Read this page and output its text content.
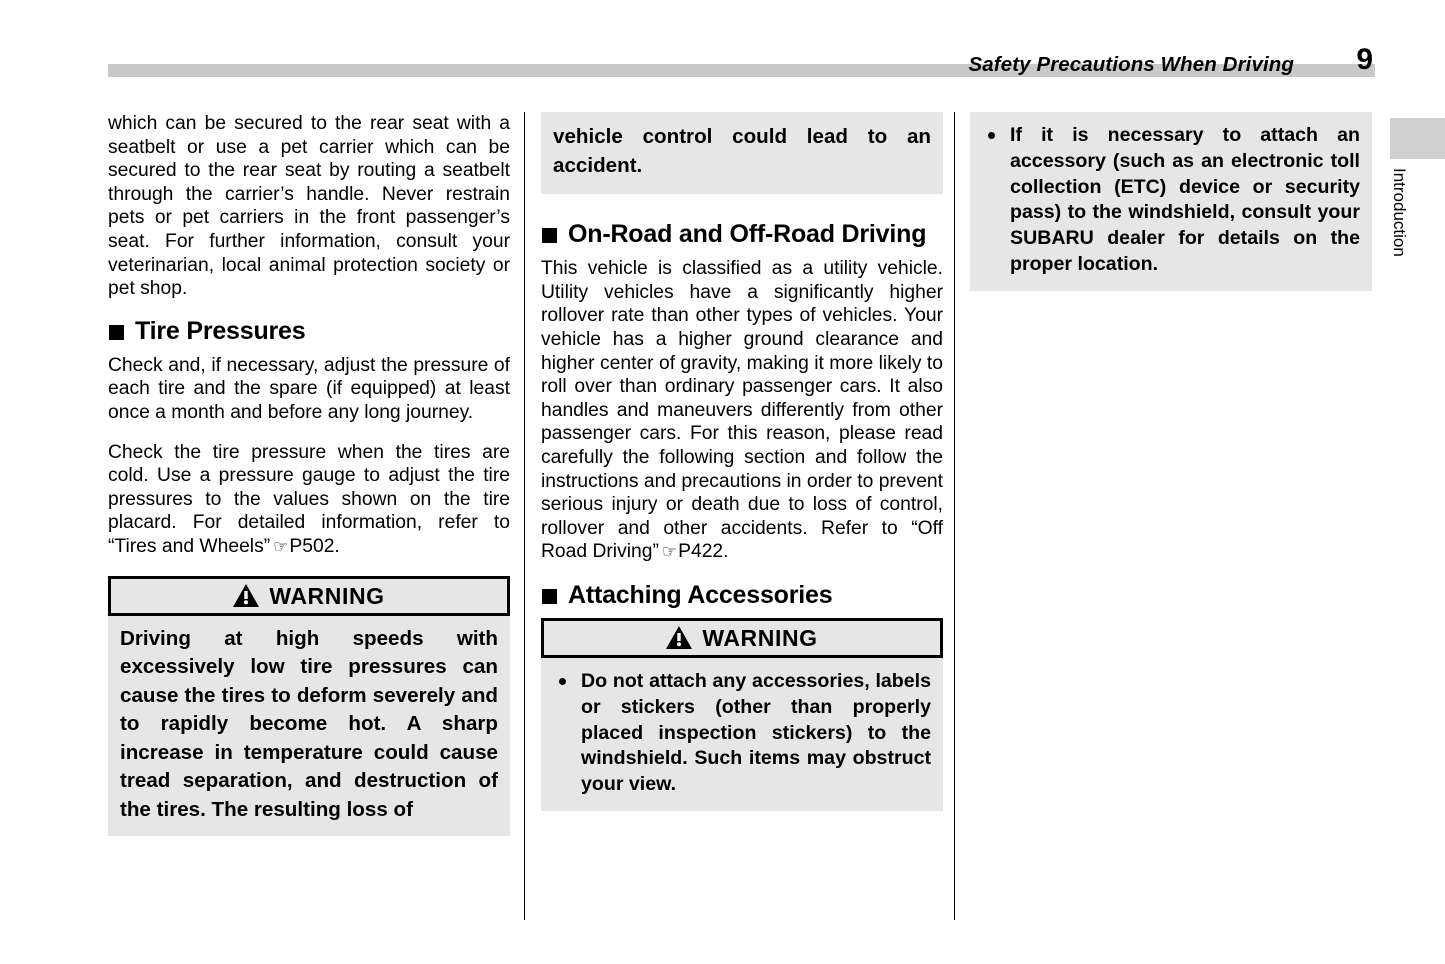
Safety Precautions When Driving 9
Introduction

which can be secured to the rear seat with a seatbelt or use a pet carrier which can be secured to the rear seat by routing a seatbelt through the carrier’s handle. Never restrain pets or pet carriers in the front passenger’s seat. For further information, consult your veterinarian, local animal protection society or pet shop.

Tire Pressures

Check and, if necessary, adjust the pressure of each tire and the spare (if equipped) at least once a month and before any long journey.

Check the tire pressure when the tires are cold. Use a pressure gauge to adjust the tire pressures to the values shown on the tire placard. For detailed information, refer to “Tires and Wheels” ☞P502.

WARNING
Driving at high speeds with excessively low tire pressures can cause the tires to deform severely and to rapidly become hot. A sharp increase in temperature could cause tread separation, and destruction of the tires. The resulting loss of
vehicle control could lead to an accident.
On-Road and Off-Road Driving

This vehicle is classified as a utility vehicle. Utility vehicles have a significantly higher rollover rate than other types of vehicles. Your vehicle has a higher ground clearance and higher center of gravity, making it more likely to roll over than ordinary passenger cars. It also handles and maneuvers differently from other passenger cars. For this reason, please read carefully the following section and follow the instructions and precautions in order to prevent serious injury or death due to loss of control, rollover and other accidents. Refer to “Off Road Driving” ☞P422.

Attaching Accessories
WARNING
Do not attach any accessories, labels or stickers (other than properly placed inspection stickers) to the windshield. Such items may obstruct your view.
If it is necessary to attach an accessory (such as an electronic toll collection (ETC) device or security pass) to the windshield, consult your SUBARU dealer for details on the proper location.
